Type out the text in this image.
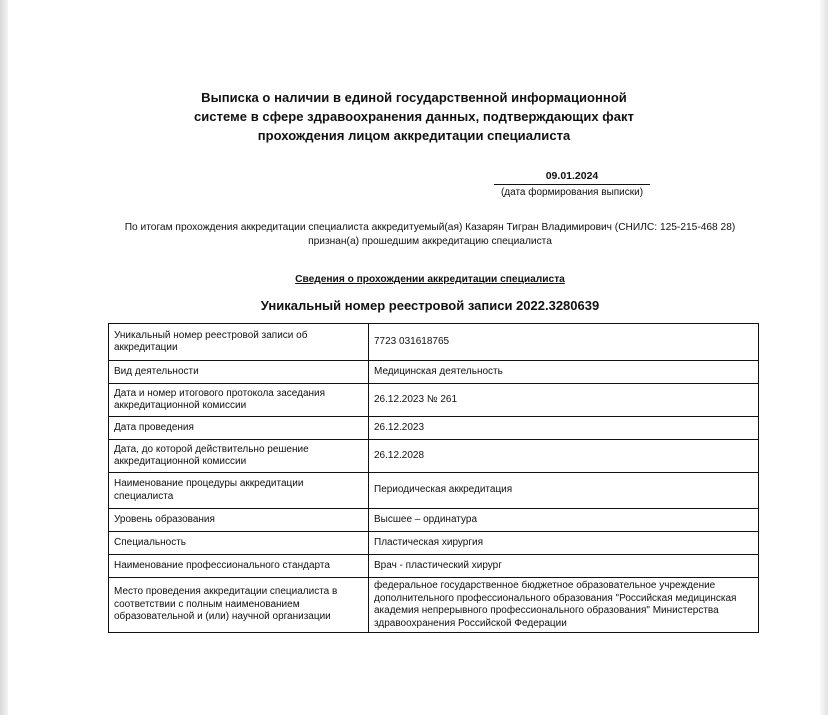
Выписка о наличии в единой государственной информационной
системе в сфере здравоохранения данных, подтверждающих факт
прохождения лицом аккредитации специалиста
09.01.2024
(дата формирования выписки)
По итогам прохождения аккредитации специалиста аккредитуемый(ая) Казарян Тигран Владимирович (СНИЛС: 125-215-468 28)
признан(а) прошедшим аккредитацию специалиста
Сведения о прохождении аккредитации специалиста
Уникальный номер реестровой записи 2022.3280639
Уникальный номер реестровой записи об аккредитации	7723 031618765
Вид деятельности	Медицинская деятельность
Дата и номер итогового протокола заседания аккредитационной комиссии	26.12.2023 № 261
Дата проведения	26.12.2023
Дата, до которой действительно решение аккредитационной комиссии	26.12.2028
Наименование процедуры аккредитации специалиста	Периодическая аккредитация
Уровень образования	Высшее – ординатура
Специальность	Пластическая хирургия
Наименование профессионального стандарта	Врач - пластический хирург
Место проведения аккредитации специалиста в соответствии с полным наименованием образовательной и (или) научной организации	федеральное государственное бюджетное образовательное учреждение дополнительного профессионального образования "Российская медицинская академия непрерывного профессионального образования" Министерства здравоохранения Российской Федерации
